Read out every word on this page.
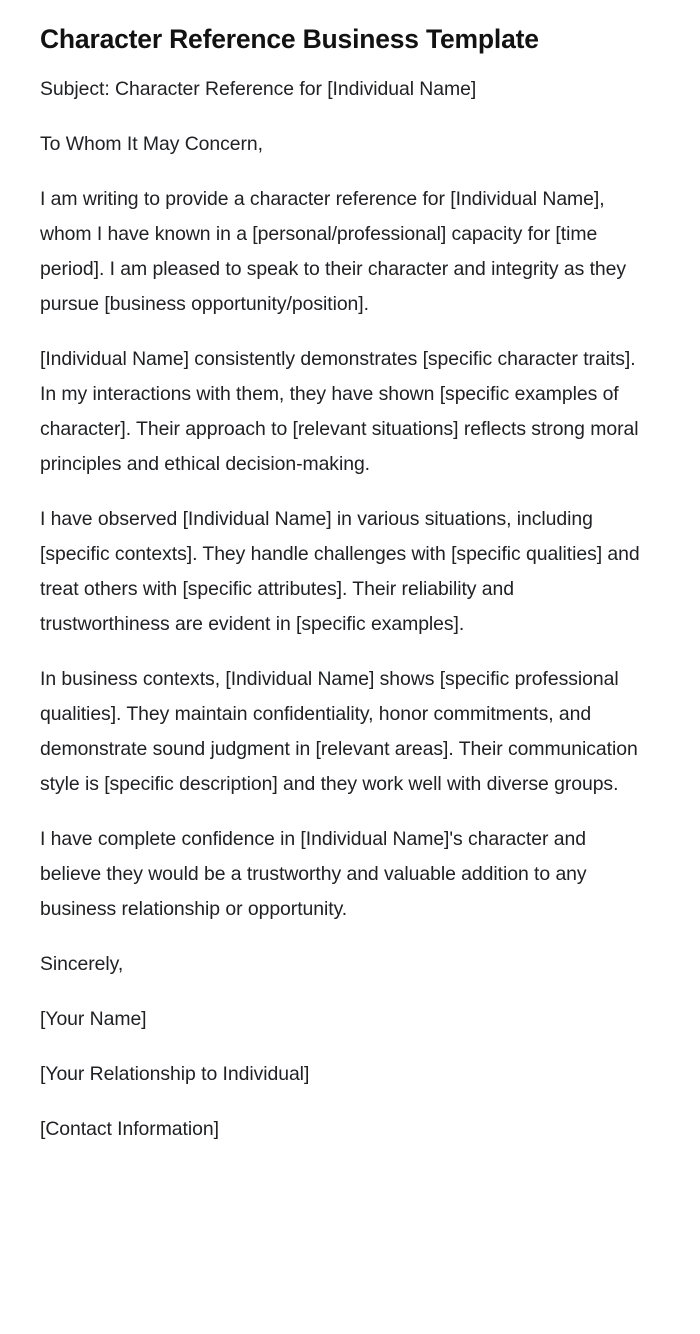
Character Reference Business Template

Subject: Character Reference for [Individual Name]

To Whom It May Concern,

I am writing to provide a character reference for [Individual Name], whom I have known in a [personal/professional] capacity for [time period]. I am pleased to speak to their character and integrity as they pursue [business opportunity/position].

[Individual Name] consistently demonstrates [specific character traits]. In my interactions with them, they have shown [specific examples of character]. Their approach to [relevant situations] reflects strong moral principles and ethical decision-making.

I have observed [Individual Name] in various situations, including [specific contexts]. They handle challenges with [specific qualities] and treat others with [specific attributes]. Their reliability and trustworthiness are evident in [specific examples].

In business contexts, [Individual Name] shows [specific professional qualities]. They maintain confidentiality, honor commitments, and demonstrate sound judgment in [relevant areas]. Their communication style is [specific description] and they work well with diverse groups.

I have complete confidence in [Individual Name]'s character and believe they would be a trustworthy and valuable addition to any business relationship or opportunity.

Sincerely,

[Your Name]

[Your Relationship to Individual]

[Contact Information]
